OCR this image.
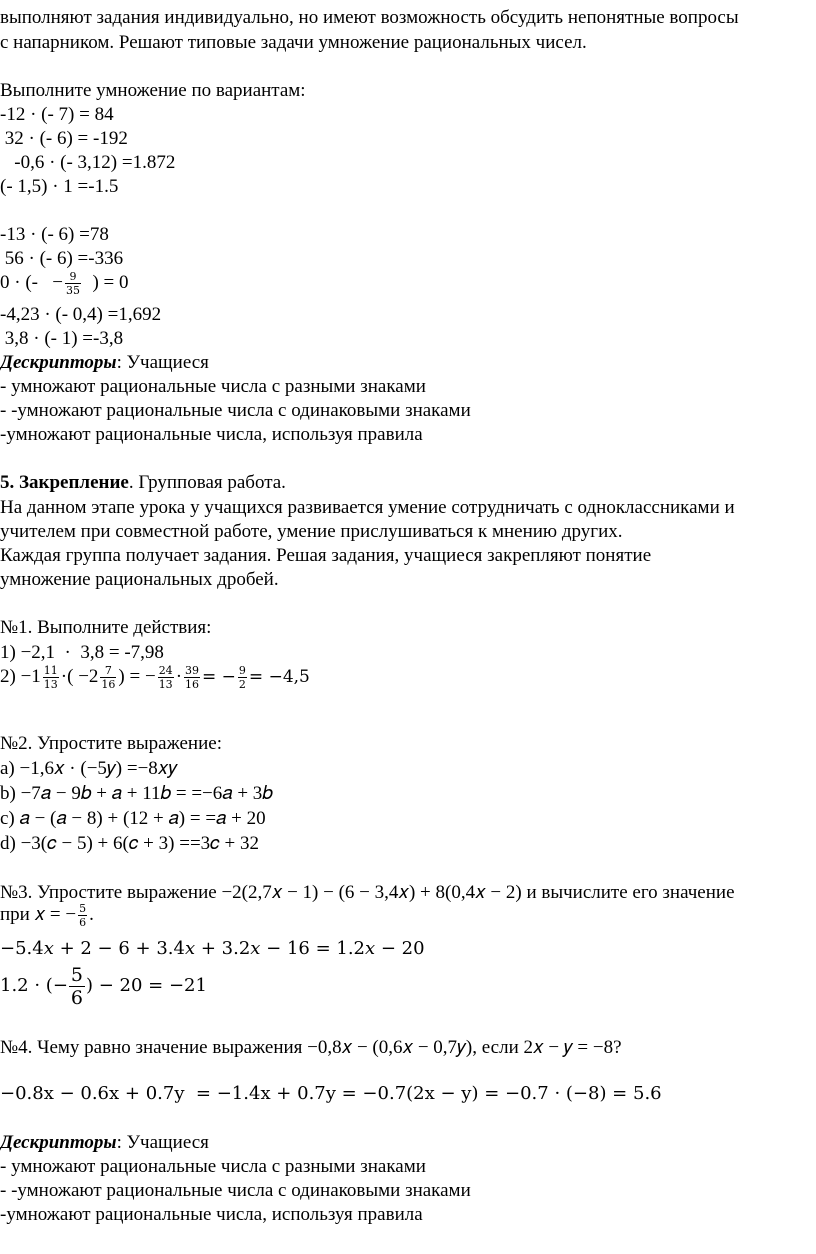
выполняют задания индивидуально, но имеют возможность обсудить непонятные вопросы
с напарником. Решают типовые задачи умножение рациональных чисел.
Выполните умножение по вариантам:
-12 · (- 7) = 84
32 · (- 6) = -192
-0,6 · (- 3,12) =1.872
(- 1,5) · 1 =-1.5
-13 · (- 6) =78
56 · (- 6) =-336
0 · (-   − $\frac{9}{35}$ ) = 0
-4,23 · (- 0,4) =1,692
3,8 · (- 1) =-3,8
Дескрипторы: Учащиеся
- умножают рациональные числа с разными знаками
- -умножают рациональные числа с одинаковыми знаками
-умножают рациональные числа, используя правила
5. Закрепление. Групповая работа.
На данном этапе урока у учащихся развивается умение сотрудничать с одноклассниками и
учителем при совместной работе, умение прислушиваться к мнению других.
Каждая группа получает задания. Решая задания, учащиеся закрепляют понятие
умножение рациональных дробей.
№1. Выполните действия:
1) −2,1  ·  3,8 = -7,98
$2) -1 \frac{11}{13}$ ·( $-2 \frac{7}{16}$ ) = − $\frac{24}{13} \cdot \frac{39}{16}$ = − $\frac{9}{2} = -4,5$
№2. Упростите выражение:
a) −1,6𝑥 · (−5𝑦) =−8𝑥𝑦
b) −7𝑎 − 9𝑏 + 𝑎 + 11𝑏 = =−6𝑎 + 3𝑏
c) 𝑎 − (𝑎 − 8) + (12 + 𝑎) = =𝑎 + 20
d) −3(𝑐 − 5) + 6(𝑐 + 3) ==3𝑐 + 32
№3. Упростите выражение −2(2,7𝑥 − 1) − (6 − 3,4𝑥) + 8(0,4𝑥 − 2) и вычислите его значение
при 𝑥 = − $\frac{5}{6}$ .
−5.4𝑥 + 2 − 6 + 3.4𝑥 + 3.2𝑥 − 16 = 1.2𝑥 − 20
1.2 · (− $\frac{5}{6}$ ) − 20 = −21
№4. Чему равно значение выражения −0,8𝑥 − (0,6𝑥 − 0,7𝑦), если 2𝑥 − 𝑦 = −8?
−0.8x − 0.6x + 0.7y  = −1.4x + 0.7y = −0.7(2x − y) = −0.7 · (−8) = 5.6
Дескрипторы: Учащиеся
- умножают рациональные числа с разными знаками
- -умножают рациональные числа с одинаковыми знаками
-умножают рациональные числа, используя правила
